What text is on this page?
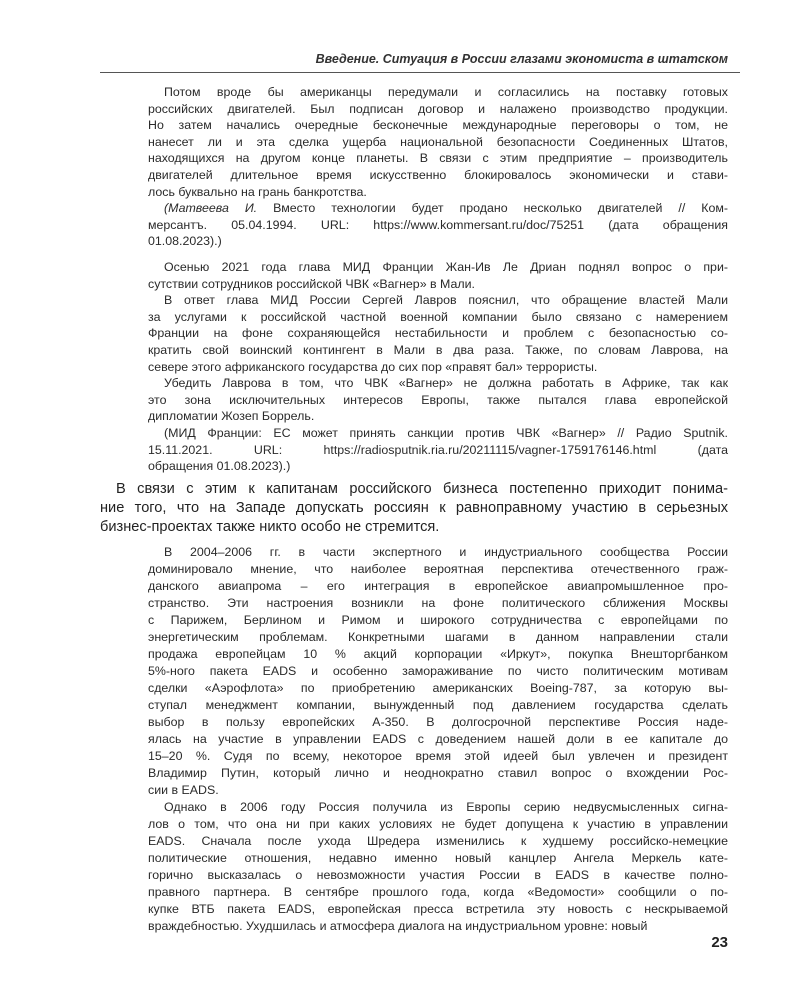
Введение. Ситуация в России глазами экономиста в штатском
Потом вроде бы американцы передумали и согласились на поставку готовых
российских двигателей. Был подписан договор и налажено производство продукции.
Но затем начались очередные бесконечные международные переговоры о том, не
нанесет ли и эта сделка ущерба национальной безопасности Соединенных Штатов,
находящихся на другом конце планеты. В связи с этим предприятие – производитель
двигателей длительное время искусственно блокировалось экономически и стави-
лось буквально на грань банкротства.
(Матвеева И. Вместо технологии будет продано несколько двигателей // Ком-
мерсантъ. 05.04.1994. URL: https://www.kommersant.ru/doc/75251 (дата обращения
01.08.2023).)
Осенью 2021 года глава МИД Франции Жан-Ив Ле Дриан поднял вопрос о при-
сутствии сотрудников российской ЧВК «Вагнер» в Мали.
В ответ глава МИД России Сергей Лавров пояснил, что обращение властей Мали
за услугами к российской частной военной компании было связано с намерением
Франции на фоне сохраняющейся нестабильности и проблем с безопасностью со-
кратить свой воинский контингент в Мали в два раза. Также, по словам Лаврова, на
севере этого африканского государства до сих пор «правят бал» террористы.
Убедить Лаврова в том, что ЧВК «Вагнер» не должна работать в Африке, так как
это зона исключительных интересов Европы, также пытался глава европейской
дипломатии Жозеп Боррель.
(МИД Франции: ЕС может принять санкции против ЧВК «Вагнер» // Радио Sputnik.
15.11.2021. URL: https://radiosputnik.ria.ru/20211115/vagner-1759176146.html (дата
обращения 01.08.2023).)
В связи с этим к капитанам российского бизнеса постепенно приходит понима-
ние того, что на Западе допускать россиян к равноправному участию в серьезных
бизнес-проектах также никто особо не стремится.
В 2004–2006 гг. в части экспертного и индустриального сообщества России
доминировало мнение, что наиболее вероятная перспектива отечественного граж-
данского авиапрома – его интеграция в европейское авиапромышленное про-
странство. Эти настроения возникли на фоне политического сближения Москвы
с Парижем, Берлином и Римом и широкого сотрудничества с европейцами по
энергетическим проблемам. Конкретными шагами в данном направлении стали
продажа европейцам 10 % акций корпорации «Иркут», покупка Внешторгбанком
5%-ного пакета EADS и особенно замораживание по чисто политическим мотивам
сделки «Аэрофлота» по приобретению американских Boeing-787, за которую вы-
ступал менеджмент компании, вынужденный под давлением государства сделать
выбор в пользу европейских А-350. В долгосрочной перспективе Россия наде-
ялась на участие в управлении EADS с доведением нашей доли в ее капитале до
15–20 %. Судя по всему, некоторое время этой идеей был увлечен и президент
Владимир Путин, который лично и неоднократно ставил вопрос о вхождении Рос-
сии в EADS.
Однако в 2006 году Россия получила из Европы серию недвусмысленных сигна-
лов о том, что она ни при каких условиях не будет допущена к участию в управлении
EADS. Сначала после ухода Шредера изменились к худшему российско-немецкие
политические отношения, недавно именно новый канцлер Ангела Меркель кате-
горично высказалась о невозможности участия России в EADS в качестве полно-
правного партнера. В сентябре прошлого года, когда «Ведомости» сообщили о по-
купке ВТБ пакета EADS, европейская пресса встретила эту новость с нескрываемой
враждебностью. Ухудшилась и атмосфера диалога на индустриальном уровне: новый
23
